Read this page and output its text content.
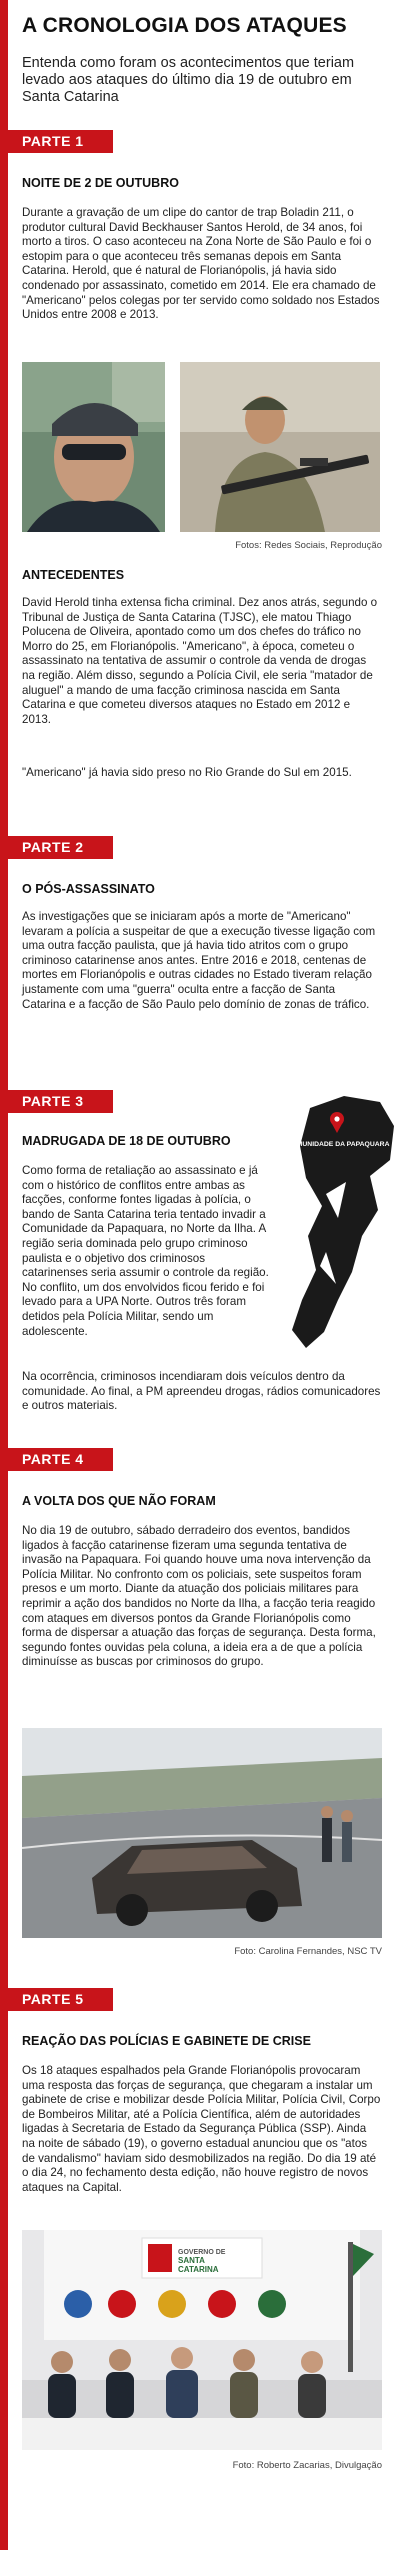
A CRONOLOGIA DOS ATAQUES
Entenda como foram os acontecimentos que teriam levado aos ataques do último dia 19 de outubro em Santa Catarina
PARTE 1
NOITE DE 2 DE OUTUBRO
Durante a gravação de um clipe do cantor de trap Boladin 211, o produtor cultural David Beckhauser Santos Herold, de 34 anos, foi morto a tiros. O caso aconteceu na Zona Norte de São Paulo e foi o estopim para o que aconteceu três semanas depois em Santa Catarina. Herold, que é natural de Florianópolis, já havia sido condenado por assassinato, cometido em 2014. Ele era chamado de "Americano" pelos colegas por ter servido como soldado nos Estados Unidos entre 2008 e 2013.
Fotos: Redes Sociais, Reprodução
ANTECEDENTES
David Herold tinha extensa ficha criminal. Dez anos atrás, segundo o Tribunal de Justiça de Santa Catarina (TJSC), ele matou Thiago Polucena de Oliveira, apontado como um dos chefes do tráfico no Morro do 25, em Florianópolis. "Americano", à época, cometeu o assassinato na tentativa de assumir o controle da venda de drogas na região. Além disso, segundo a Polícia Civil, ele seria "matador de aluguel" a mando de uma facção criminosa nascida em Santa Catarina e que cometeu diversos ataques no Estado em 2012 e 2013.
"Americano" já havia sido preso no Rio Grande do Sul em 2015.
PARTE 2
O PÓS-ASSASSINATO
As investigações que se iniciaram após a morte de "Americano" levaram a polícia a suspeitar de que a execução tivesse ligação com uma outra facção paulista, que já havia tido atritos com o grupo criminoso catarinense anos antes. Entre 2016 e 2018, centenas de mortes em Florianópolis e outras cidades no Estado tiveram relação justamente com uma "guerra" oculta entre a facção de Santa Catarina e a facção de São Paulo pelo domínio de zonas de tráfico.
PARTE 3
MADRUGADA DE 18 DE OUTUBRO
Como forma de retaliação ao assassinato e já com o histórico de conflitos entre ambas as facções, conforme fontes ligadas à polícia, o bando de Santa Catarina teria tentado invadir a Comunidade da Papaquara, no Norte da Ilha. A região seria dominada pelo grupo criminoso paulista e o objetivo dos criminosos catarinenses seria assumir o controle da região. No conflito, um dos envolvidos ficou ferido e foi levado para a UPA Norte. Outros três foram detidos pela Polícia Militar, sendo um adolescente.
Na ocorrência, criminosos incendiaram dois veículos dentro da comunidade. Ao final, a PM apreendeu drogas, rádios comunicadores e outros materiais.
COMUNIDADE DA PAPAQUARA
PARTE 4
A VOLTA DOS QUE NÃO FORAM
No dia 19 de outubro, sábado derradeiro dos eventos, bandidos ligados à facção catarinense fizeram uma segunda tentativa de invasão na Papaquara. Foi quando houve uma nova intervenção da Polícia Militar. No confronto com os policiais, sete suspeitos foram presos e um morto. Diante da atuação dos policiais militares para reprimir a ação dos bandidos no Norte da Ilha, a facção teria reagido com ataques em diversos pontos da Grande Florianópolis como forma de dispersar a atuação das forças de segurança. Desta forma, segundo fontes ouvidas pela coluna, a ideia era a de que a polícia diminuísse as buscas por criminosos do grupo.
Foto: Carolina Fernandes, NSC TV
PARTE 5
REAÇÃO DAS POLÍCIAS E GABINETE DE CRISE
Os 18 ataques espalhados pela Grande Florianópolis provocaram uma resposta das forças de segurança, que chegaram a instalar um gabinete de crise e mobilizar desde Polícia Militar, Polícia Civil, Corpo de Bombeiros Militar, até a Polícia Científica, além de autoridades ligadas à Secretaria de Estado da Segurança Pública (SSP). Ainda na noite de sábado (19), o governo estadual anunciou que os "atos de vandalismo" haviam sido desmobilizados na região. Do dia 19 até o dia 24, no fechamento desta edição, não houve registro de novos ataques na Capital.
GOVERNO DE
SANTA
CATARINA
Foto: Roberto Zacarias, Divulgação
